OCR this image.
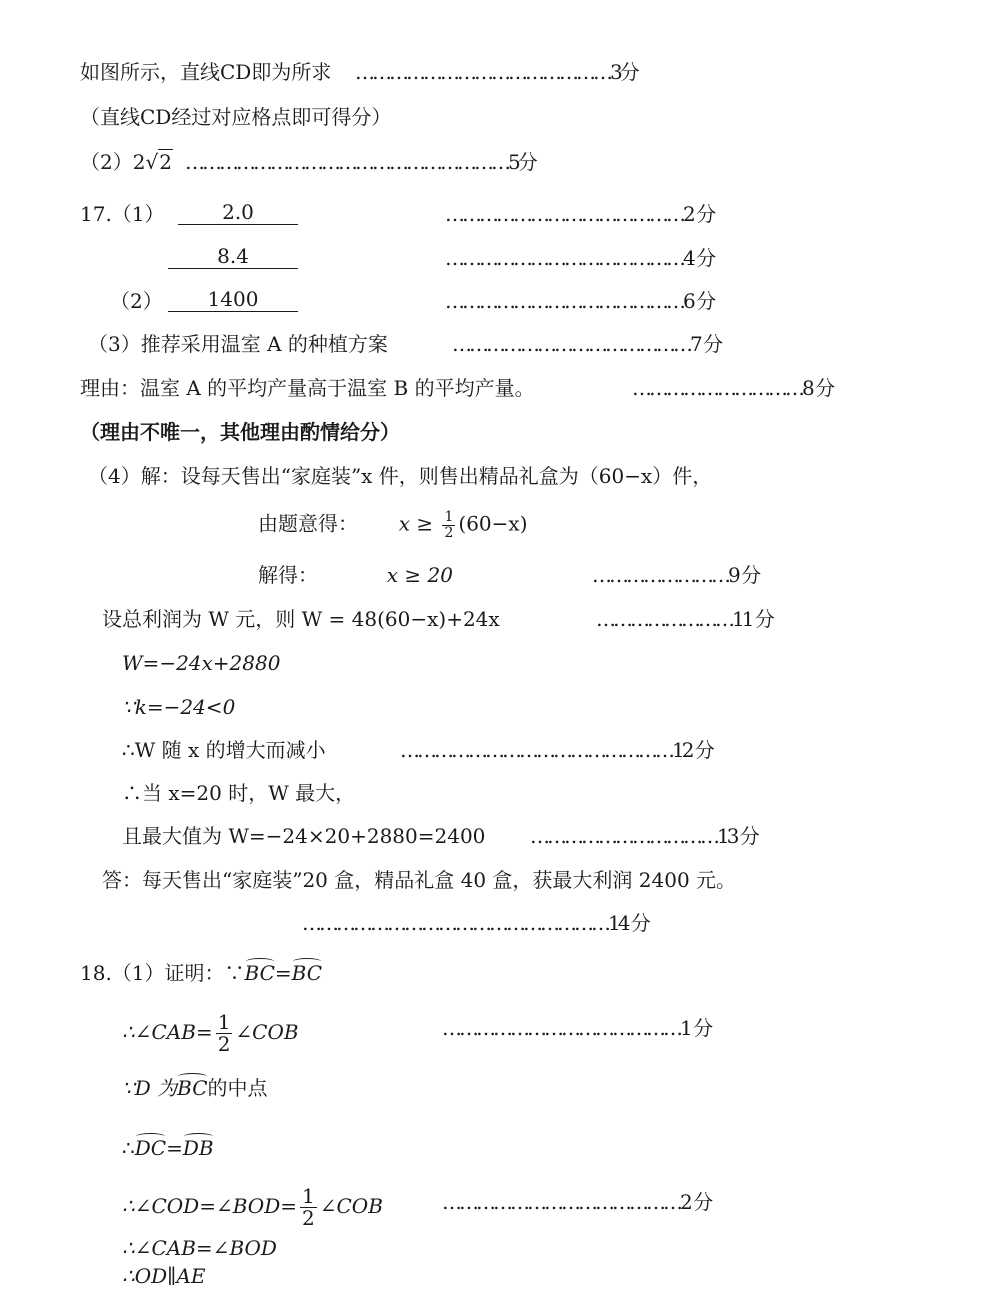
如图所示，直线CD即为所求 ………………………………………3分
（直线CD经过对应格点即可得分）
（2）2√2 …………………………………………………5分
17.（1）	2.0	……………………………………2 分
8.4	……………………………………4 分
（2）	1400	……………………………………6 分
（3）推荐采用温室 A 的种植方案	……………………………………7 分
理由：温室 A 的平均产量高于温室 B 的平均产量。	…………………………8 分
（理由不唯一，其他理由酌情给分）
（4）解：设每天售出“家庭装”x 件，则售出精品礼盒为（60−x）件，
由题意得： $x \ge \frac{1}{2} (60-x)$
解得：	x ≥ 20	……………………9 分
设总利润为 W 元，则 W = 48(60−x)+24x	……………………11 分
W=−24x+2880
∵k=−24<0
∴W 随 x 的增大而减小	…………………………………………12 分
∴当 x=20 时，W 最大，
且最大值为 W=−24×20+2880=2400 ……………………………13 分
答：每天售出“家庭装”20 盒，精品礼盒 40 盒，获最大利润 2400 元。
………………………………………………14 分
18.（1）证明：∵BC=BC
∴∠CAB= $\frac{1}{2}$ ∠COB	……………………………………1 分
∵D 为BC的中点
∴DC=DB
∴∠COD=∠BOD= $\frac{1}{2}$ ∠COB	……………………………………2 分
∴∠CAB=∠BOD
∴OD∥AE
